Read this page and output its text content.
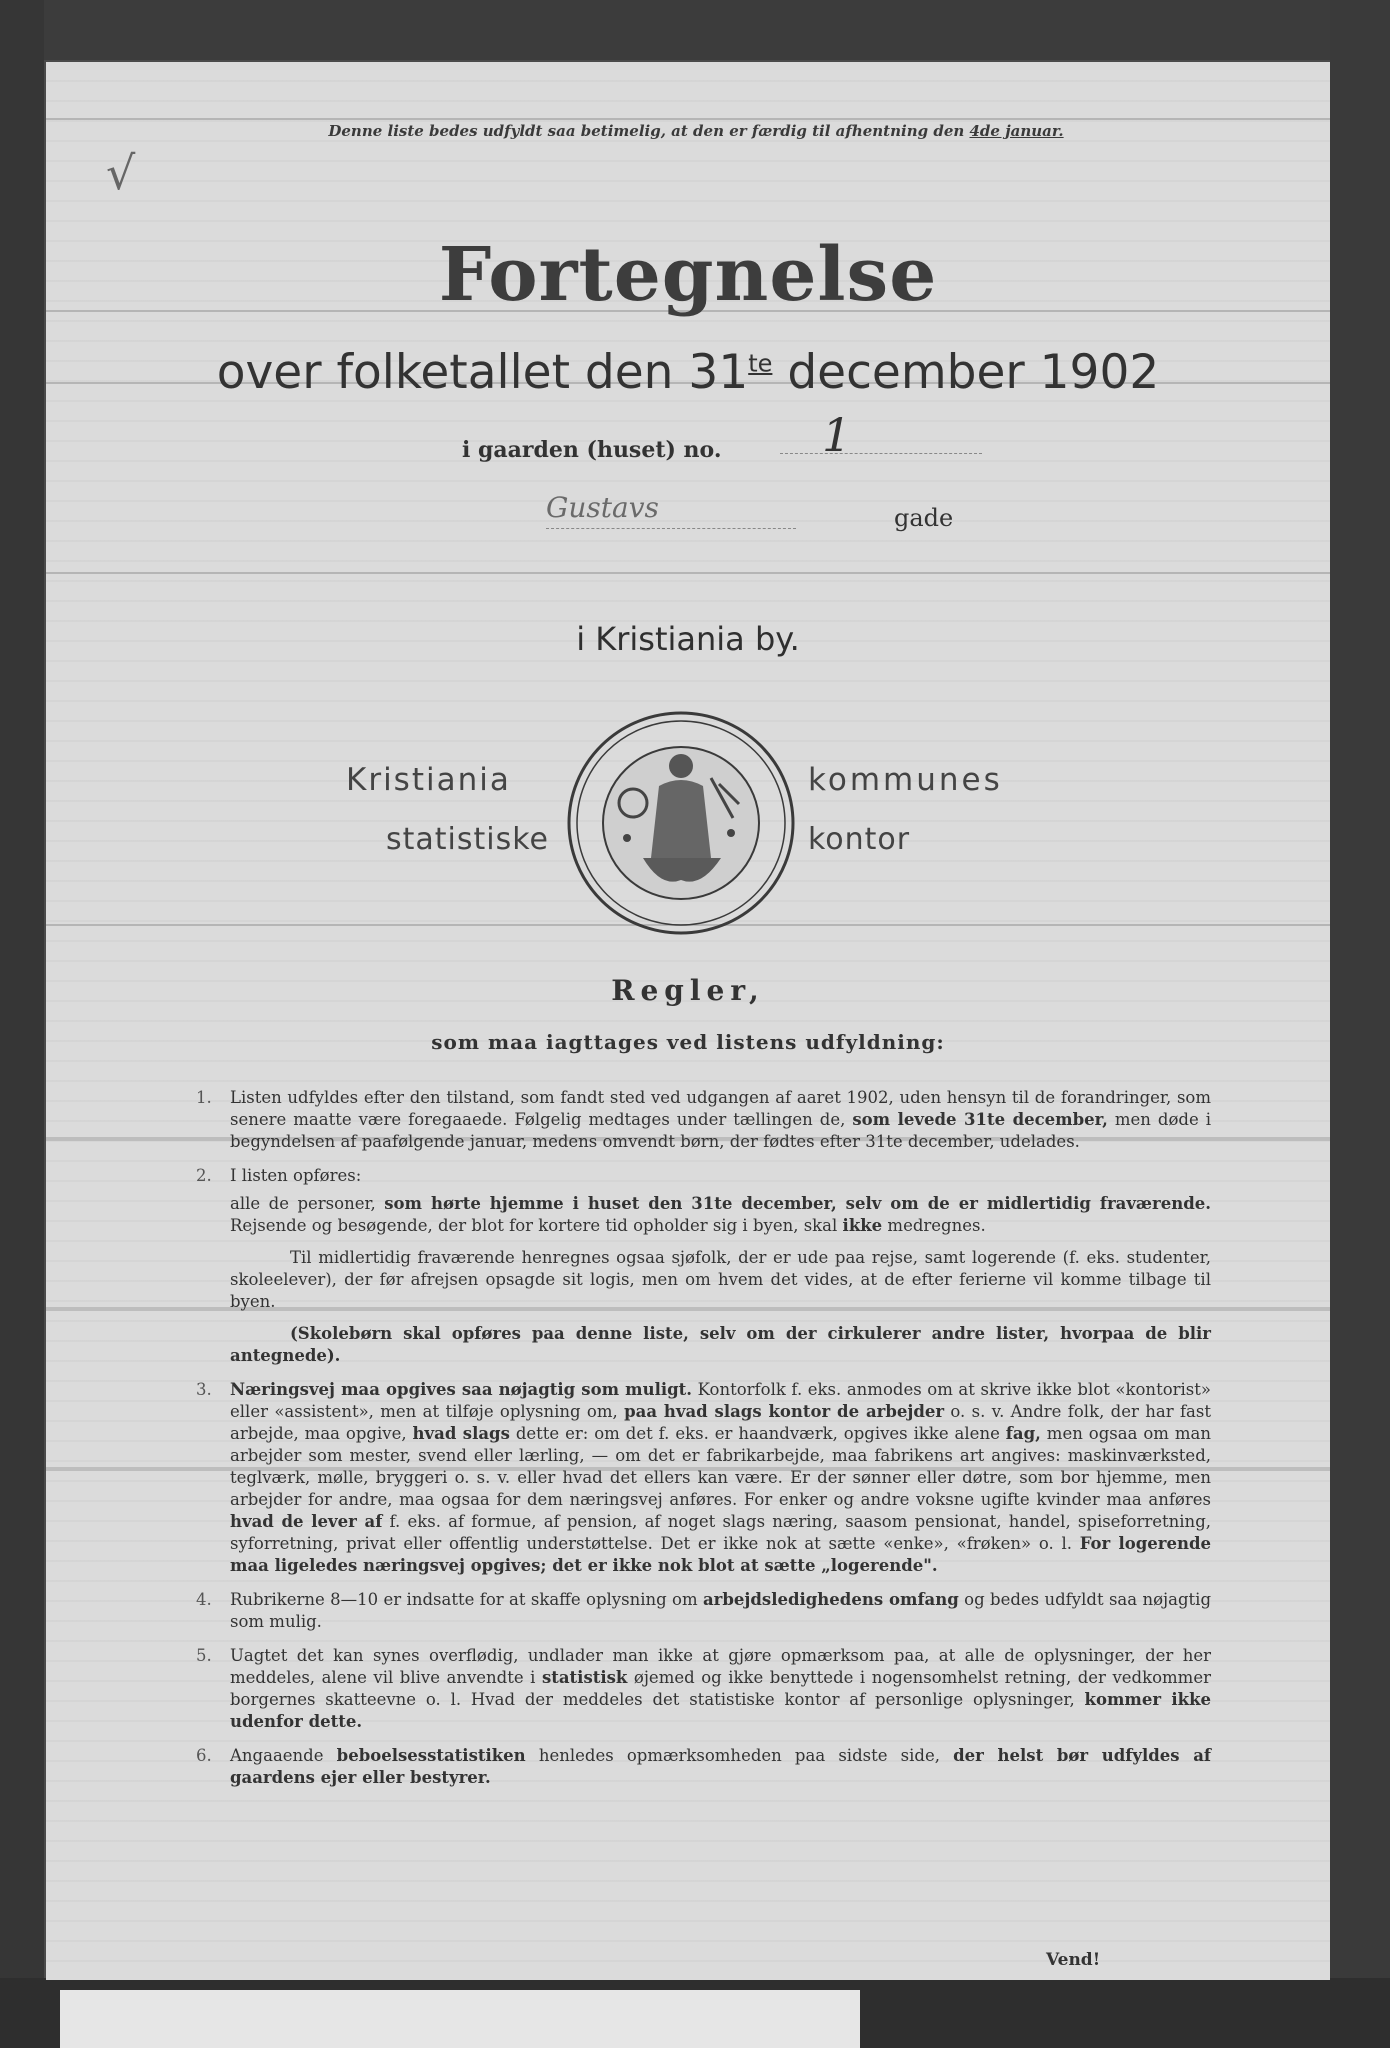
Denne liste bedes udfyldt saa betimelig, at den er færdig til afhentning den 4de januar.
√
Fortegnelse
over folketallet den $31^{te}$ december 1902
i gaarden (huset) no.	1
Gustavs	gade
i Kristiania by.
Kristiania
statistiske
kommunes
kontor
Regler,
som maa iagttages ved listens udfyldning:
1. Listen udfyldes efter den tilstand, som fandt sted ved udgangen af aaret 1902, uden hensyn til de forandringer, som senere maatte være foregaaede. Følgelig medtages under tællingen de, som levede 31te december, men døde i begyndelsen af paafølgende januar, medens omvendt børn, der fødtes efter 31te december, udelades.

2. I listen opføres:

alle de personer, som hørte hjemme i huset den 31te december, selv om de er midlertidig fraværende. Rejsende og besøgende, der blot for kortere tid opholder sig i byen, skal ikke medregnes.

Til midlertidig fraværende henregnes ogsaa sjøfolk, der er ude paa rejse, samt logerende (f. eks. studenter, skoleelever), der før afrejsen opsagde sit logis, men om hvem det vides, at de efter ferierne vil komme tilbage til byen.

(Skolebørn skal opføres paa denne liste, selv om der cirkulerer andre lister, hvorpaa de blir antegnede).

3. Næringsvej maa opgives saa nøjagtig som muligt. Kontorfolk f. eks. anmodes om at skrive ikke blot «kontorist» eller «assistent», men at tilføje oplysning om, paa hvad slags kontor de arbejder o. s. v. Andre folk, der har fast arbejde, maa opgive, hvad slags dette er: om det f. eks. er haandværk, opgives ikke alene fag, men ogsaa om man arbejder som mester, svend eller lærling, — om det er fabrikarbejde, maa fabrikens art angives: maskinværksted, teglværk, mølle, bryggeri o. s. v. eller hvad det ellers kan være. Er der sønner eller døtre, som bor hjemme, men arbejder for andre, maa ogsaa for dem næringsvej anføres. For enker og andre voksne ugifte kvinder maa anføres hvad de lever af f. eks. af formue, af pension, af noget slags næring, saasom pensionat, handel, spiseforretning, syforretning, privat eller offentlig understøttelse. Det er ikke nok at sætte «enke», «frøken» o. l. For logerende maa ligeledes næringsvej opgives; det er ikke nok blot at sætte „logerende".

4. Rubrikerne 8—10 er indsatte for at skaffe oplysning om arbejdsledighedens omfang og bedes udfyldt saa nøjagtig som mulig.

5. Uagtet det kan synes overflødig, undlader man ikke at gjøre opmærksom paa, at alle de oplysninger, der her meddeles, alene vil blive anvendte i statistisk øjemed og ikke benyttede i nogensomhelst retning, der vedkommer borgernes skatteevne o. l. Hvad der meddeles det statistiske kontor af personlige oplysninger, kommer ikke udenfor dette.

6. Angaaende beboelsesstatistiken henledes opmærksomheden paa sidste side, der helst bør udfyldes af gaardens ejer eller bestyrer.

Vend!
